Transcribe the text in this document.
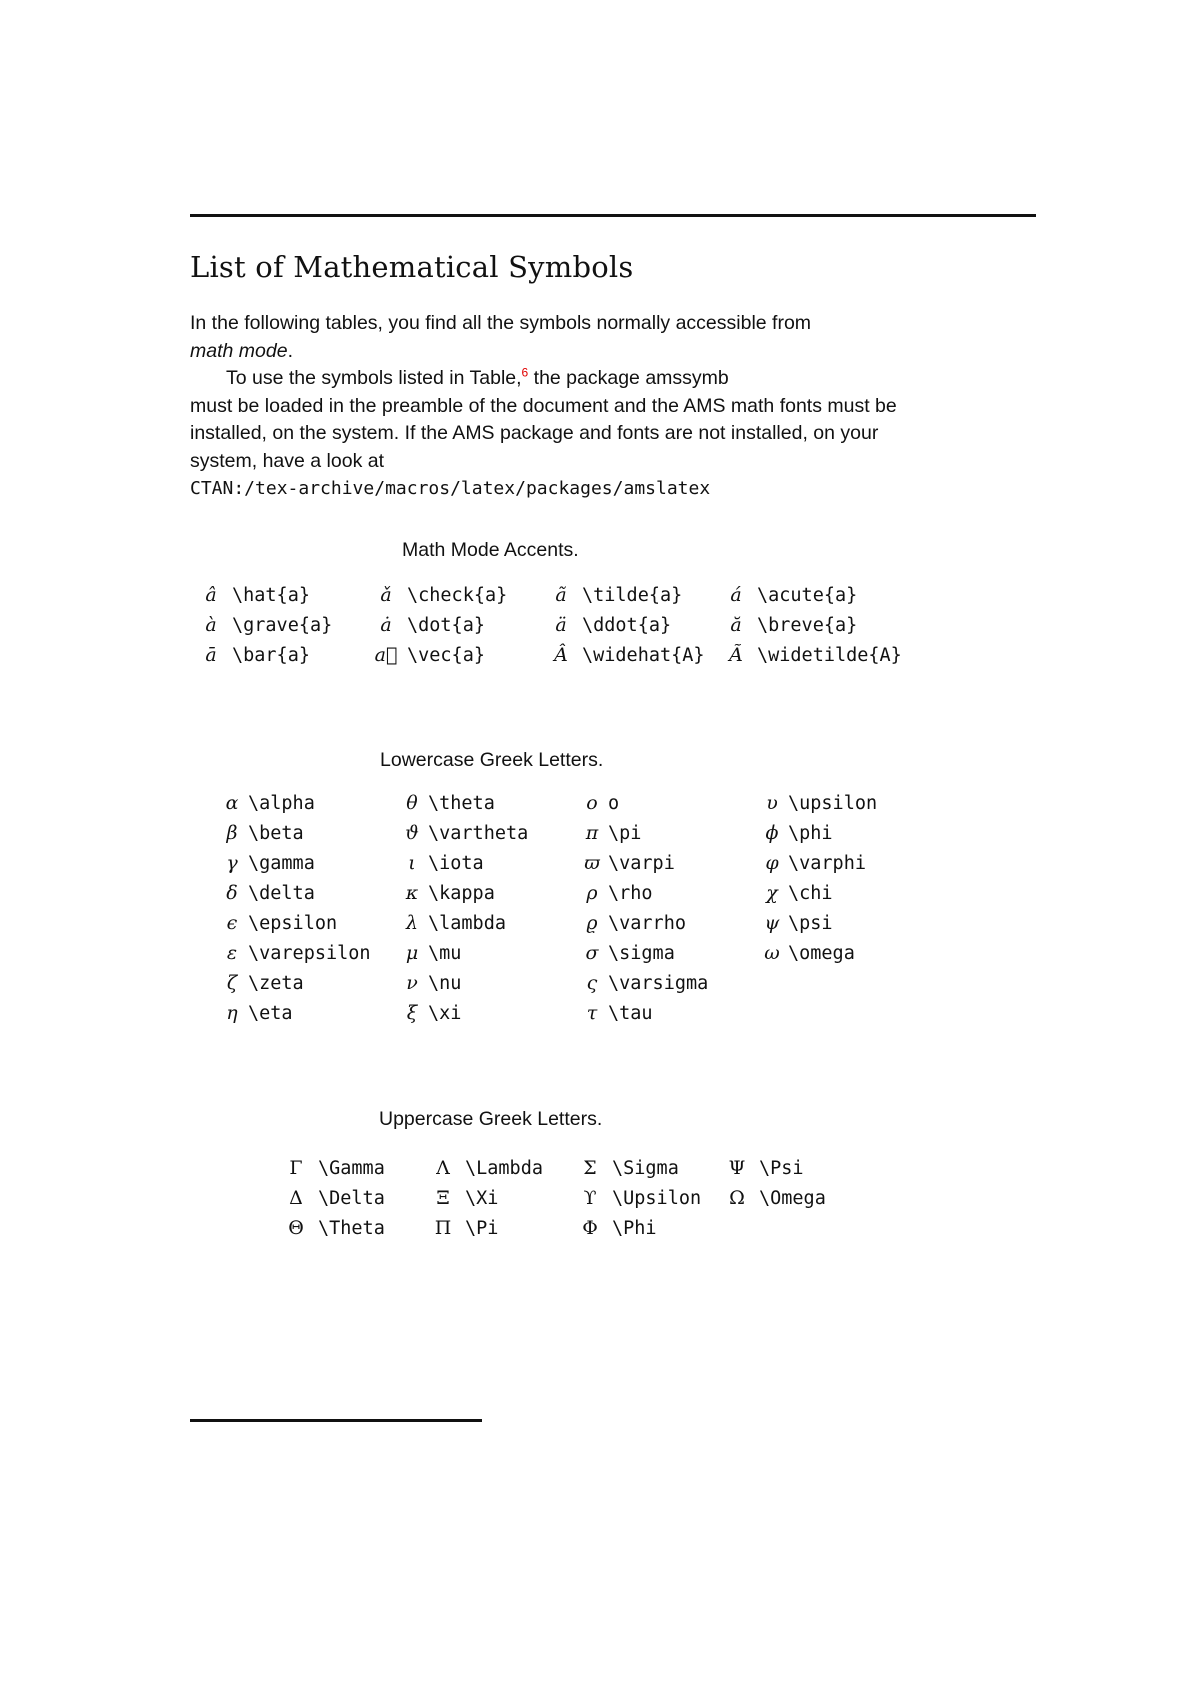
List of Mathematical Symbols

In the following tables, you find all the symbols normally accessible from
math mode.

To use the symbols listed in Table,$^6$ the package amssymb
must be loaded in the preamble of the document and the AMS math fonts must be installed, on the system. If the AMS package and fonts are not installed, on your system, have a look at
CTAN:/tex-archive/macros/latex/packages/amslatex

Math Mode Accents.
â	\hat{a}	ǎ	\check{a}	ã	\tilde{a}	á	\acute{a}
à	\grave{a}	ȧ	\dot{a}	ä	\ddot{a}	ă	\breve{a}
ā	\bar{a}	a⃗	\vec{a}	Â	\widehat{A}	Ã	\widetilde{A}
Lowercase Greek Letters.
α	\alpha	θ	\theta	o	o	υ	\upsilon
β	\beta	ϑ	\vartheta	π	\pi	ϕ	\phi
γ	\gamma	ι	\iota	ϖ	\varpi	φ	\varphi
δ	\delta	κ	\kappa	ρ	\rho	χ	\chi
ϵ	\epsilon	λ	\lambda	ϱ	\varrho	ψ	\psi
ε	\varepsilon	μ	\mu	σ	\sigma	ω	\omega
ζ	\zeta	ν	\nu	ς	\varsigma		
η	\eta	ξ	\xi	τ	\tau		
Uppercase Greek Letters.
Γ	\Gamma	Λ	\Lambda	Σ	\Sigma	Ψ	\Psi
Δ	\Delta	Ξ	\Xi	ϒ	\Upsilon	Ω	\Omega
Θ	\Theta	Π	\Pi	Φ	\Phi		
